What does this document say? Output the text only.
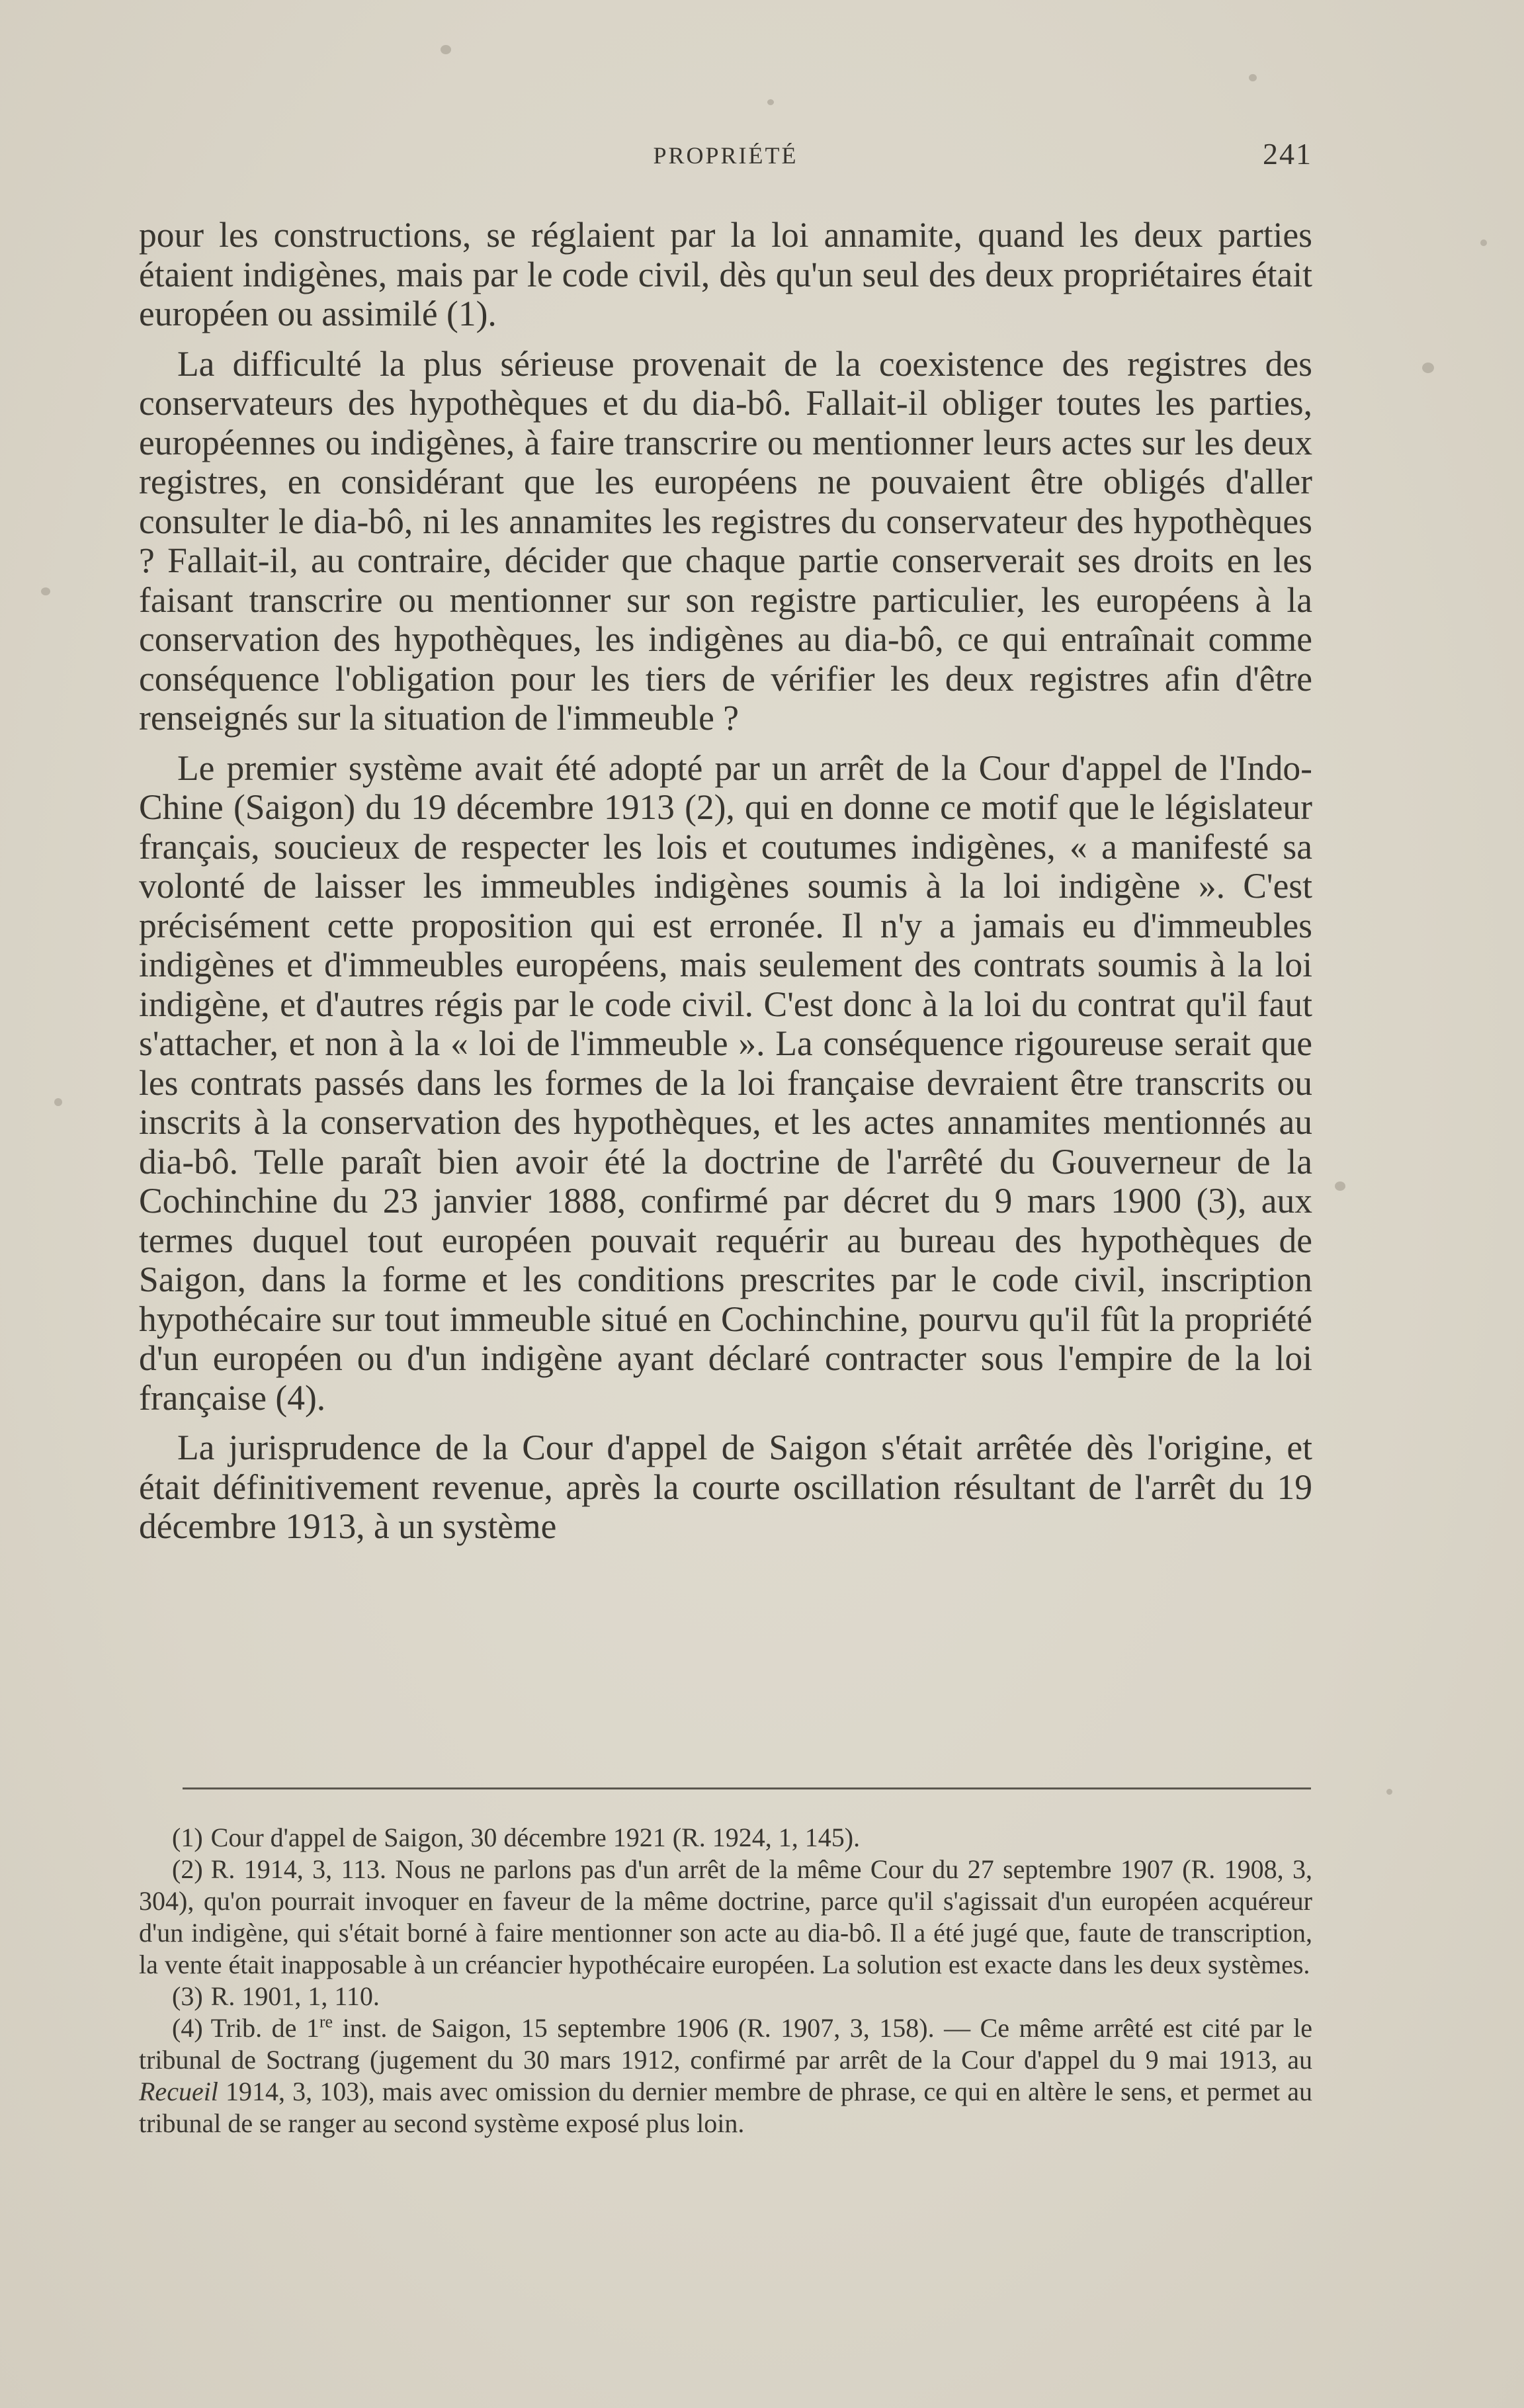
PROPRIÉTÉ	241

pour les constructions, se réglaient par la loi annamite, quand les deux parties étaient indigènes, mais par le code civil, dès qu'un seul des deux propriétaires était européen ou assimilé (1).

La difficulté la plus sérieuse provenait de la coexistence des registres des conservateurs des hypothèques et du dia-bô. Fallait-il obliger toutes les parties, européennes ou indigènes, à faire transcrire ou mentionner leurs actes sur les deux registres, en considérant que les européens ne pouvaient être obligés d'aller consulter le dia-bô, ni les annamites les registres du conservateur des hypothèques ? Fallait-il, au contraire, décider que chaque partie conserverait ses droits en les faisant transcrire ou mentionner sur son registre particulier, les européens à la conservation des hypothèques, les indigènes au dia-bô, ce qui entraînait comme conséquence l'obligation pour les tiers de vérifier les deux registres afin d'être renseignés sur la situation de l'immeuble ?

Le premier système avait été adopté par un arrêt de la Cour d'appel de l'Indo-Chine (Saigon) du 19 décembre 1913 (2), qui en donne ce motif que le législateur français, soucieux de respecter les lois et coutumes indigènes, « a manifesté sa volonté de laisser les immeubles indigènes soumis à la loi indigène ». C'est précisément cette proposition qui est erronée. Il n'y a jamais eu d'immeubles indigènes et d'immeubles européens, mais seulement des contrats soumis à la loi indigène, et d'autres régis par le code civil. C'est donc à la loi du contrat qu'il faut s'attacher, et non à la « loi de l'immeuble ». La conséquence rigoureuse serait que les contrats passés dans les formes de la loi française devraient être transcrits ou inscrits à la conservation des hypothèques, et les actes annamites mentionnés au dia-bô. Telle paraît bien avoir été la doctrine de l'arrêté du Gouverneur de la Cochinchine du 23 janvier 1888, confirmé par décret du 9 mars 1900 (3), aux termes duquel tout européen pouvait requérir au bureau des hypothèques de Saigon, dans la forme et les conditions prescrites par le code civil, inscription hypothécaire sur tout immeuble situé en Cochinchine, pourvu qu'il fût la propriété d'un européen ou d'un indigène ayant déclaré contracter sous l'empire de la loi française (4).

La jurisprudence de la Cour d'appel de Saigon s'était arrêtée dès l'origine, et était définitivement revenue, après la courte oscillation résultant de l'arrêt du 19 décembre 1913, à un système

(1) Cour d'appel de Saigon, 30 décembre 1921 (R. 1924, 1, 145).

(2) R. 1914, 3, 113. Nous ne parlons pas d'un arrêt de la même Cour du 27 septembre 1907 (R. 1908, 3, 304), qu'on pourrait invoquer en faveur de la même doctrine, parce qu'il s'agissait d'un européen acquéreur d'un indigène, qui s'était borné à faire mentionner son acte au dia-bô. Il a été jugé que, faute de transcription, la vente était inapposable à un créancier hypothécaire européen. La solution est exacte dans les deux systèmes.

(3) R. 1901, 1, 110.

(4) Trib. de 1re inst. de Saigon, 15 septembre 1906 (R. 1907, 3, 158). — Ce même arrêté est cité par le tribunal de Soctrang (jugement du 30 mars 1912, confirmé par arrêt de la Cour d'appel du 9 mai 1913, au Recueil 1914, 3, 103), mais avec omission du dernier membre de phrase, ce qui en altère le sens, et permet au tribunal de se ranger au second système exposé plus loin.
